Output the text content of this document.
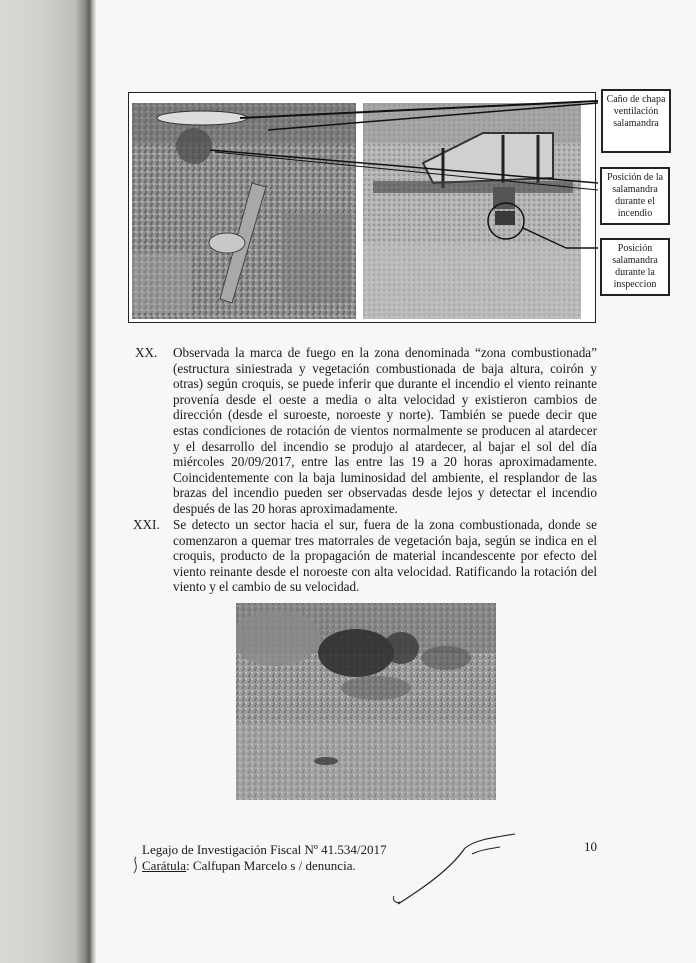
Caño de chapa ventilación salamandra
Posición de la salamandra durante el incendio
Posición salamandra durante la inspeccion
XX. Observada la marca de fuego en la zona denominada “zona combustionada” (estructura siniestrada y vegetación combustionada de baja altura, coirón y otras) según croquis, se puede inferir que durante el incendio el viento reinante provenía desde el oeste a media o alta velocidad y existieron cambios de dirección (desde el suroeste, noroeste y norte). También se puede decir que estas condiciones de rotación de vientos normalmente se producen al atardecer y el desarrollo del incendio se produjo al atardecer, al bajar el sol del día miércoles 20/09/2017, entre las entre las 19 a 20 horas aproximadamente. Coincidentemente con la baja luminosidad del ambiente, el resplandor de las brazas del incendio pueden ser observadas desde lejos y detectar el incendio después de las 20 horas aproximadamente.
XXI. Se detecto un sector hacia el sur, fuera de la zona combustionada, donde se comenzaron a quemar tres matorrales de vegetación baja, según se indica en el croquis, producto de la propagación de material incandescente por efecto del viento reinante desde el noroeste con alta velocidad. Ratificando la rotación del viento y el cambio de su velocidad.
Legajo de Investigación Fiscal Nº 41.534/2017
Carátula: Calfupan Marcelo s / denuncia.
10
